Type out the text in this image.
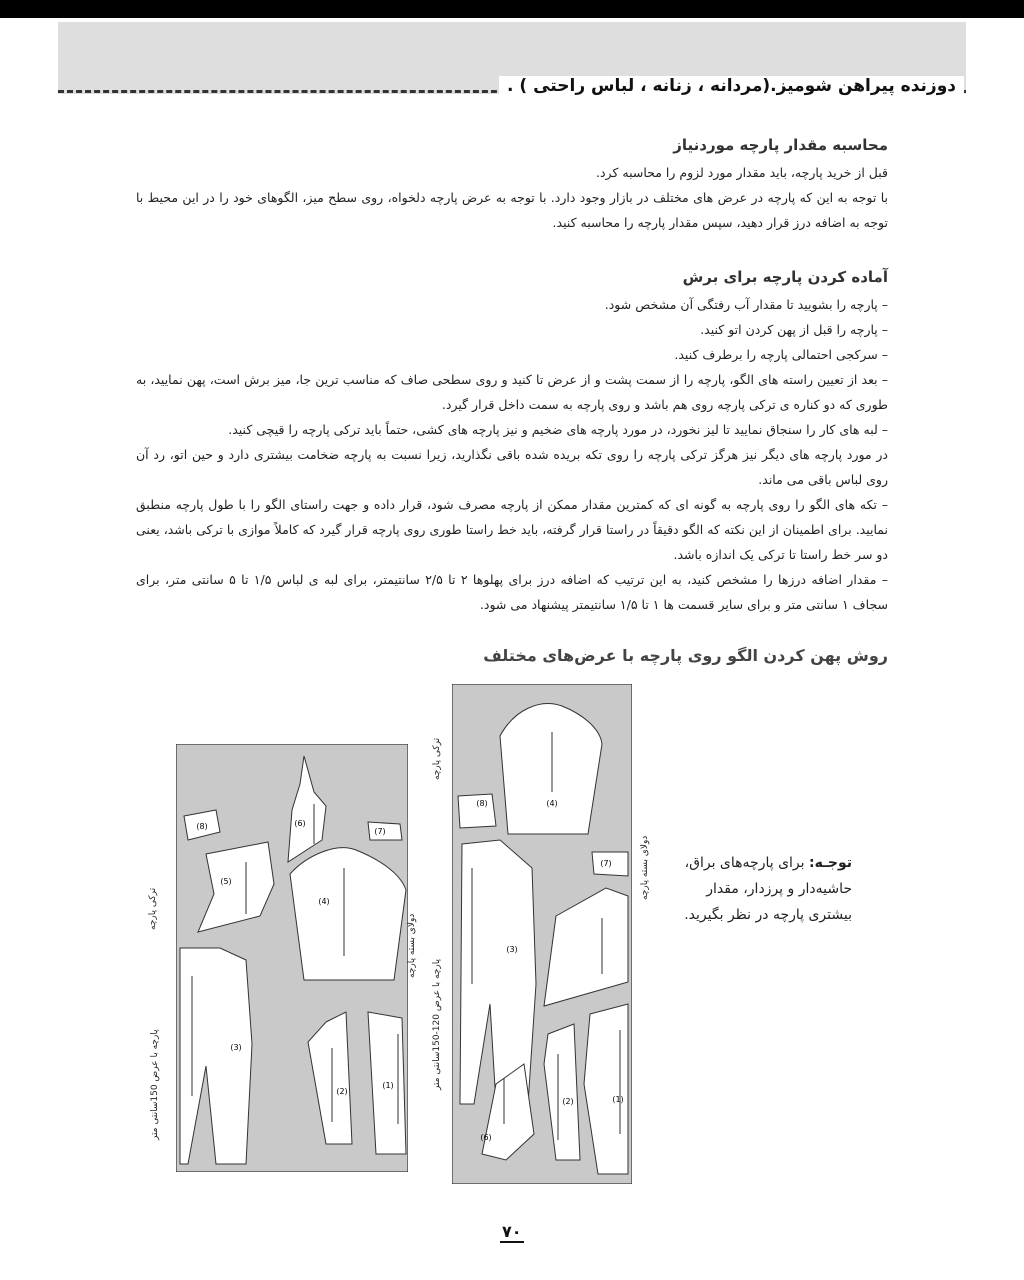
دوزنده پیراهن شومیز.(مردانه ، زنانه ، لباس راحتی ) .
محاسبه مقدار پارچه موردنیاز

قبل از خرید پارچه، باید مقدار مورد لزوم را محاسبه کرد.

با توجه به این که پارچه در عرض های مختلف در بازار وجود دارد. با توجه به عرض پارچه دلخواه، روی سطح میز، الگوهای خود را در این محیط با توجه به اضافه درز قرار دهید، سپس مقدار پارچه را محاسبه کنید.

آماده کردن پارچه برای برش

– پارچه را بشویید تا مقدار آب رفتگی آن مشخص شود.

– پارچه را قبل از پهن کردن اتو کنید.

– سرکجی احتمالی پارچه را برطرف کنید.

– بعد از تعیین راسته های الگو، پارچه را از سمت پشت و از عرض تا کنید و روی سطحی صاف که مناسب ترین جا، میز برش است، پهن نمایید، به طوری که دو کناره ی ترکی پارچه روی هم باشد و روی پارچه به سمت داخل قرار گیرد.

– لبه های کار را سنجاق نمایید تا لیز نخورد، در مورد پارچه های ضخیم و نیز پارچه های کشی، حتماً باید ترکی پارچه را قیچی کنید.

در مورد پارچه های دیگر نیز هرگز ترکی پارچه را روی تکه بریده شده باقی نگذارید، زیرا نسبت به پارچه ضخامت بیشتری دارد و حین اتو، رد آن روی لباس باقی می ماند.

– تکه های الگو را روی پارچه به گونه ای که کمترین مقدار ممکن از پارچه مصرف شود، قرار داده و جهت راستای الگو را با طول پارچه منطبق نمایید. برای اطمینان از این نکته که الگو دقیقاً در راستا قرار گرفته، باید خط راستا طوری روی پارچه قرار گیرد که کاملاً موازی با ترکی باشد، یعنی دو سر خط راستا تا ترکی یک اندازه باشد.

– مقدار اضافه درزها را مشخص کنید، به این ترتیب که اضافه درز برای پهلوها ۲ تا ۲/۵ سانتیمتر، برای لبه ی لباس ۱/۵ تا ۵ سانتی متر، برای سجاف ۱ سانتی متر و برای سایر قسمت ها ۱ تا ۱/۵ سانتیمتر پیشنهاد می شود.

روش پهن کردن الگو روی پارچه با عرض‌های مختلف
(8)	(6)
(7)
(5)
(4)
(3)
(2)
(1)
ترکی پارچه
دولای بسته پارچه
پارچه با عرض 150سانتی متر
(4)
(8)
(7)
(3)
(6)
(2)	(1)
ترکی پارچه
دولای بسته پارچه
پارچه با عرض 120-150سانتی متر
توجـه: برای پارچه‌های براق، حاشیه‌دار و پرزدار، مقدار بیشتری پارچه در نظر بگیرید.
۷۰
